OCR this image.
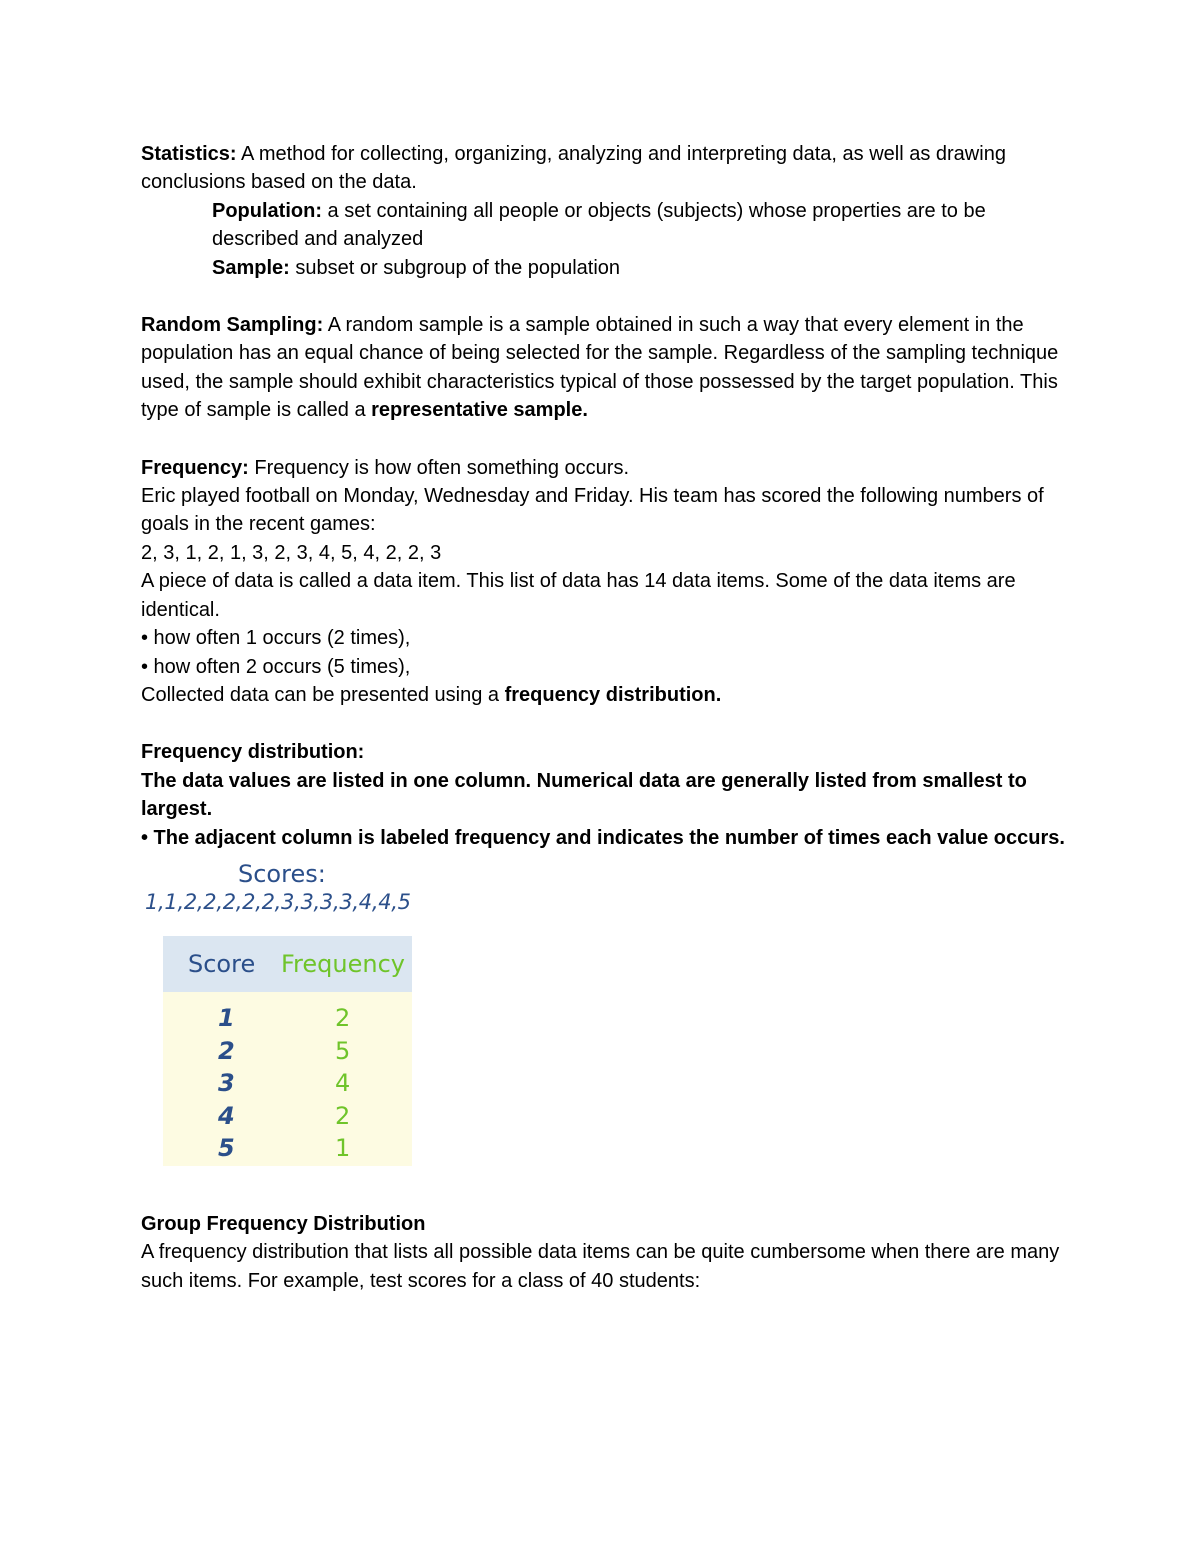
Statistics: A method for collecting, organizing, analyzing and interpreting data, as well as drawing conclusions based on the data.

Population: a set containing all people or objects (subjects) whose properties are to be described and analyzed

Sample: subset or subgroup of the population

Random Sampling: A random sample is a sample obtained in such a way that every element in the population has an equal chance of being selected for the sample. Regardless of the sampling technique used, the sample should exhibit characteristics typical of those possessed by the target population. This type of sample is called a representative sample.

Frequency: Frequency is how often something occurs.

Eric played football on Monday, Wednesday and Friday. His team has scored the following numbers of goals in the recent games:

2, 3, 1, 2, 1, 3, 2, 3, 4, 5, 4, 2, 2, 3

A piece of data is called a data item. This list of data has 14 data items. Some of the data items are identical.

• how often 1 occurs (2 times),

• how often 2 occurs (5 times),

Collected data can be presented using a frequency distribution.

Frequency distribution:

The data values are listed in one column. Numerical data are generally listed from smallest to largest.

• The adjacent column is labeled frequency and indicates the number of times each value occurs.

Scores:
1,1,2,2,2,2,2,3,3,3,3,4,4,5
Score Frequency
1	2
2	5
3	4
4	2
5	1

Group Frequency Distribution

A frequency distribution that lists all possible data items can be quite cumbersome when there are many such items. For example, test scores for a class of 40 students:
